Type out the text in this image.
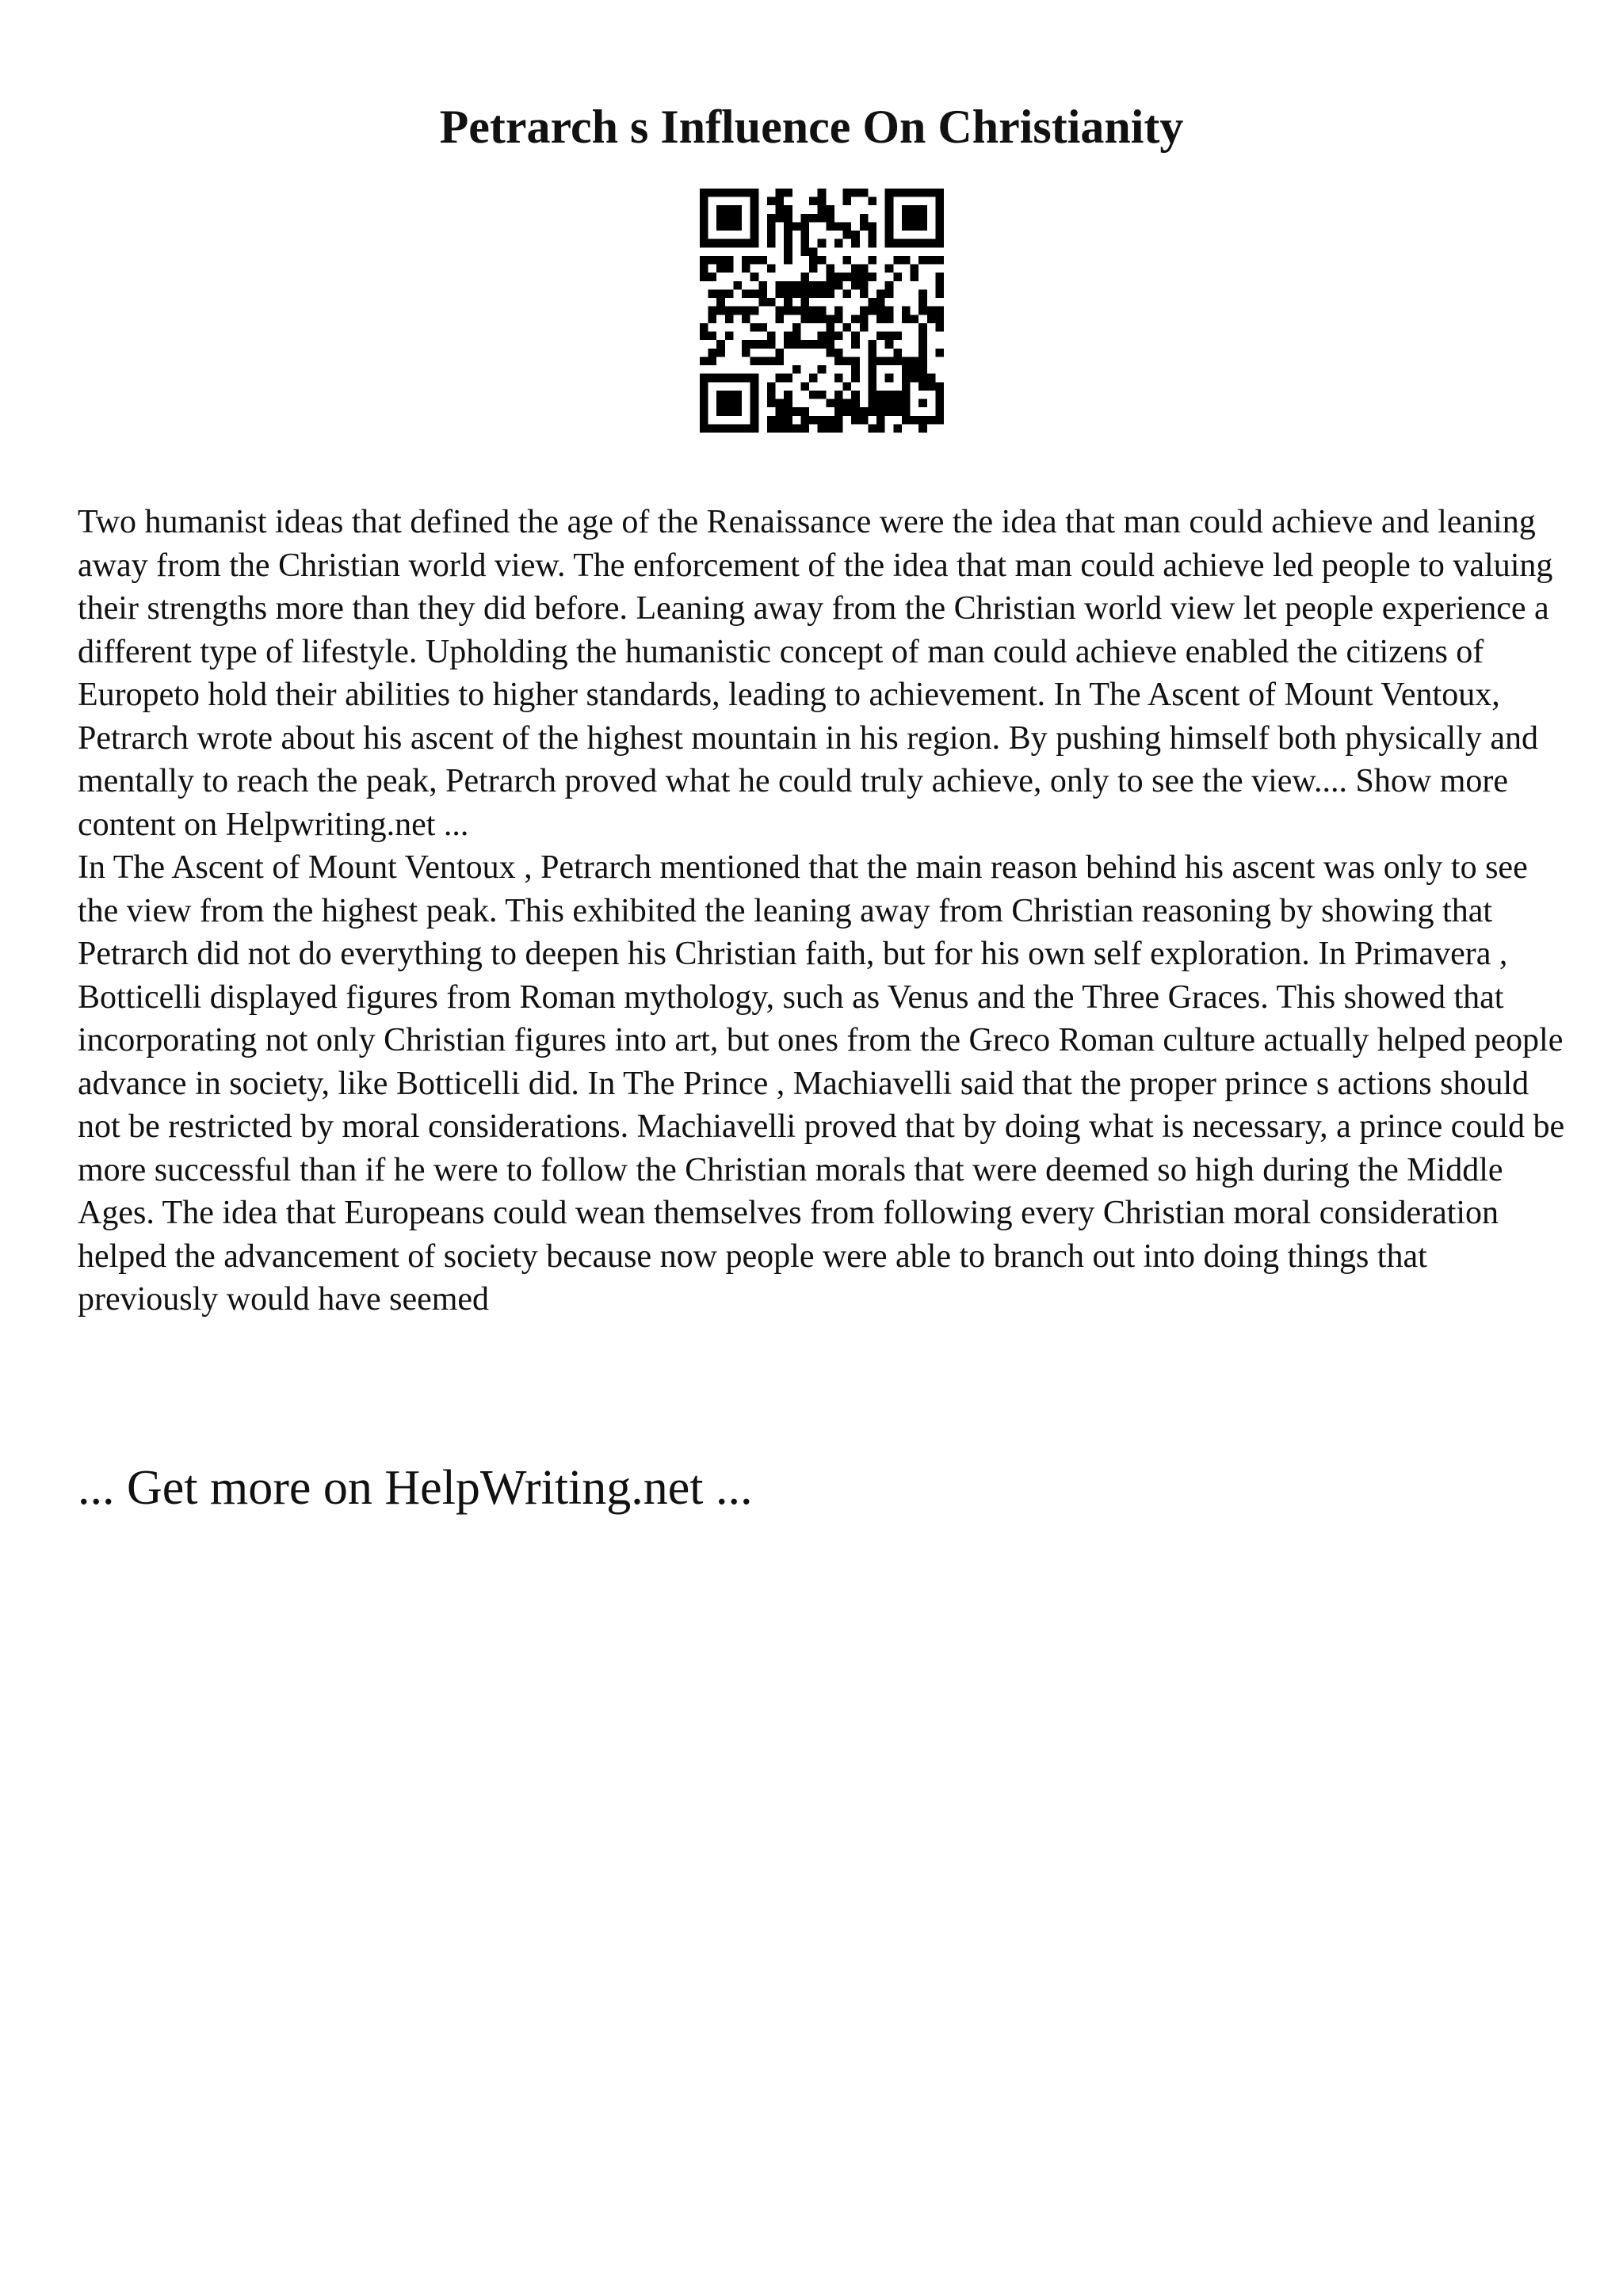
Petrarch s Influence On Christianity

Two humanist ideas that defined the age of the Renaissance were the idea that man could achieve and leaning away from the Christian world view. The enforcement of the idea that man could achieve led people to valuing their strengths more than they did before. Leaning away from the Christian world view let people experience a different type of lifestyle. Upholding the humanistic concept of man could achieve enabled the citizens of Europeto hold their abilities to higher standards, leading to achievement. In The Ascent of Mount Ventoux, Petrarch wrote about his ascent of the highest mountain in his region. By pushing himself both physically and mentally to reach the peak, Petrarch proved what he could truly achieve, only to see the view.... Show more content on Helpwriting.net ...

In The Ascent of Mount Ventoux , Petrarch mentioned that the main reason behind his ascent was only to see the view from the highest peak. This exhibited the leaning away from Christian reasoning by showing that Petrarch did not do everything to deepen his Christian faith, but for his own self exploration. In Primavera , Botticelli displayed figures from Roman mythology, such as Venus and the Three Graces. This showed that incorporating not only Christian figures into art, but ones from the Greco Roman culture actually helped people advance in society, like Botticelli did. In The Prince , Machiavelli said that the proper prince s actions should not be restricted by moral considerations. Machiavelli proved that by doing what is necessary, a prince could be more successful than if he were to follow the Christian morals that were deemed so high during the Middle Ages. The idea that Europeans could wean themselves from following every Christian moral consideration helped the advancement of society because now people were able to branch out into doing things that previously would have seemed

... Get more on HelpWriting.net ...
